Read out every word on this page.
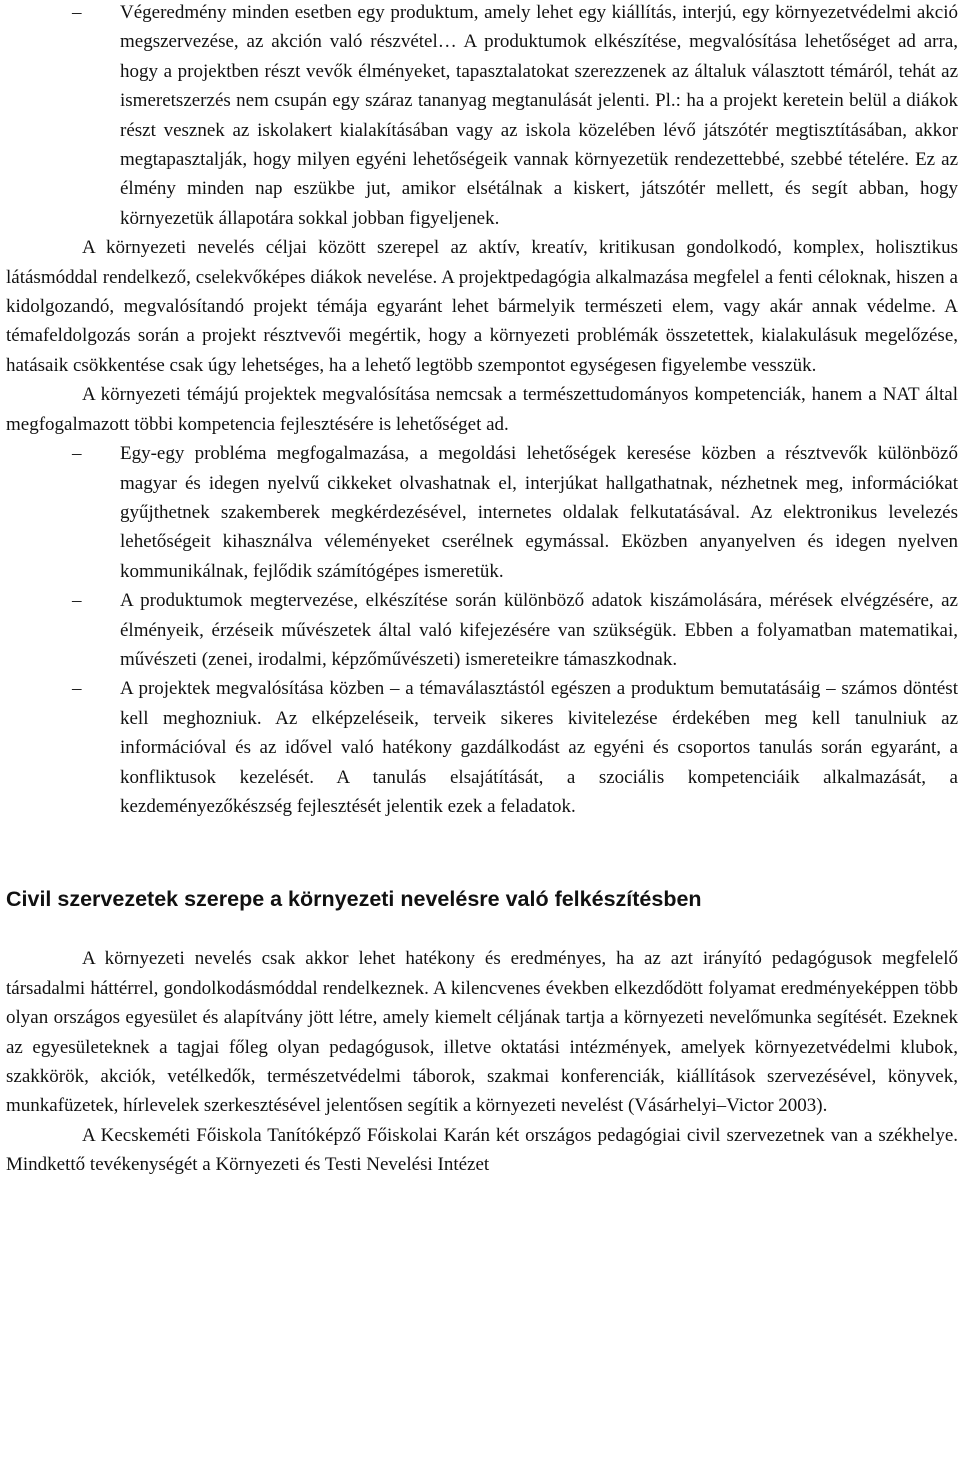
– Végeredmény minden esetben egy produktum, amely lehet egy kiállítás, interjú, egy környezetvédelmi akció megszervezése, az akción való részvétel… A produktumok elkészítése, megvalósítása lehetőséget ad arra, hogy a projektben részt vevők élményeket, tapasztalatokat szerezzenek az általuk választott témáról, tehát az ismeretszerzés nem csupán egy száraz tananyag megtanulását jelenti. Pl.: ha a projekt keretein belül a diákok részt vesznek az iskolakert kialakításában vagy az iskola közelében lévő játszótér megtisztításában, akkor megtapasztalják, hogy milyen egyéni lehetőségeik vannak környezetük rendezettebbé, szebbé tételére. Ez az élmény minden nap eszükbe jut, amikor elsétálnak a kiskert, játszótér mellett, és segít abban, hogy környezetük állapotára sokkal jobban figyeljenek.

A környezeti nevelés céljai között szerepel az aktív, kreatív, kritikusan gondolkodó, komplex, holisztikus látásmóddal rendelkező, cselekvőképes diákok nevelése. A projektpedagógia alkalmazása megfelel a fenti céloknak, hiszen a kidolgozandó, megvalósítandó projekt témája egyaránt lehet bármelyik természeti elem, vagy akár annak védelme. A témafeldolgozás során a projekt résztvevői megértik, hogy a környezeti problémák összetettek, kialakulásuk megelőzése, hatásaik csökkentése csak úgy lehetséges, ha a lehető legtöbb szempontot egységesen figyelembe vesszük.

A környezeti témájú projektek megvalósítása nemcsak a természettudományos kompetenciák, hanem a NAT által megfogalmazott többi kompetencia fejlesztésére is lehetőséget ad.

– Egy-egy probléma megfogalmazása, a megoldási lehetőségek keresése közben a résztvevők különböző magyar és idegen nyelvű cikkeket olvashatnak el, interjúkat hallgathatnak, nézhetnek meg, információkat gyűjthetnek szakemberek megkérdezésével, internetes oldalak felkutatásával. Az elektronikus levelezés lehetőségeit kihasználva véleményeket cserélnek egymással. Eközben anyanyelven és idegen nyelven kommunikálnak, fejlődik számítógépes ismeretük.

– A produktumok megtervezése, elkészítése során különböző adatok kiszámolására, mérések elvégzésére, az élményeik, érzéseik művészetek által való kifejezésére van szükségük. Ebben a folyamatban matematikai, művészeti (zenei, irodalmi, képzőművészeti) ismereteikre támaszkodnak.

– A projektek megvalósítása közben – a témaválasztástól egészen a produktum bemutatásáig – számos döntést kell meghozniuk. Az elképzeléseik, terveik sikeres kivitelezése érdekében meg kell tanulniuk az információval és az idővel való hatékony gazdálkodást az egyéni és csoportos tanulás során egyaránt, a konfliktusok kezelését. A tanulás elsajátítását, a szociális kompetenciáik alkalmazását, a kezdeményezőkészség fejlesztését jelentik ezek a feladatok.

Civil szervezetek szerepe a környezeti nevelésre való felkészítésben

A környezeti nevelés csak akkor lehet hatékony és eredményes, ha az azt irányító pedagógusok megfelelő társadalmi háttérrel, gondolkodásmóddal rendelkeznek. A kilencvenes években elkezdődött folyamat eredményeképpen több olyan országos egyesület és alapítvány jött létre, amely kiemelt céljának tartja a környezeti nevelőmunka segítését. Ezeknek az egyesületeknek a tagjai főleg olyan pedagógusok, illetve oktatási intézmények, amelyek környezetvédelmi klubok, szakkörök, akciók, vetélkedők, természetvédelmi táborok, szakmai konferenciák, kiállítások szervezésével, könyvek, munkafüzetek, hírlevelek szerkesztésével jelentősen segítik a környezeti nevelést (Vásárhelyi–Victor 2003).

A Kecskeméti Főiskola Tanítóképző Főiskolai Karán két országos pedagógiai civil szervezetnek van a székhelye. Mindkettő tevékenységét a Környezeti és Testi Nevelési Intézet
